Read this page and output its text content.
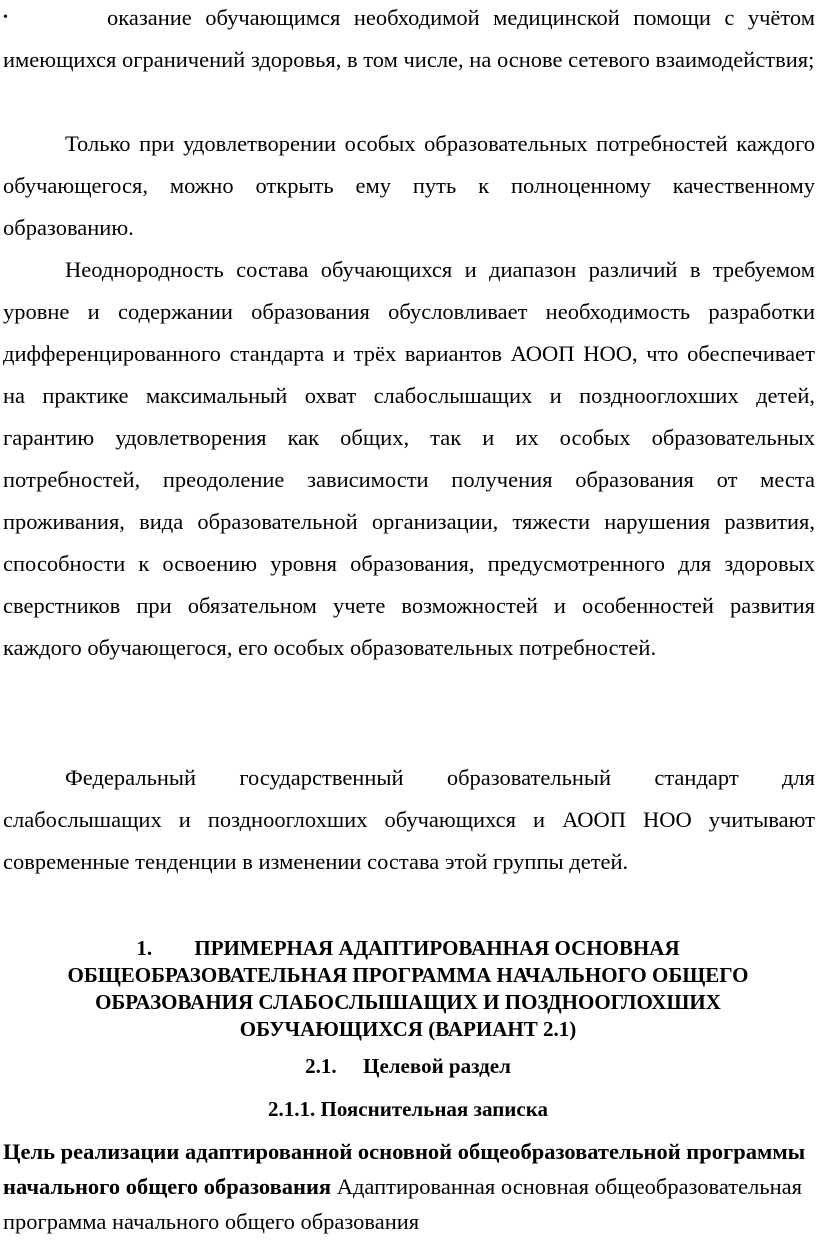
•	оказание обучающимся необходимой медицинской помощи с учётом имеющихся ограничений здоровья, в том числе, на основе сетевого взаимодействия;

Только при удовлетворении особых образовательных потребностей каждого обучающегося, можно открыть ему путь к полноценному качественному образованию.

Неоднородность состава обучающихся и диапазон различий в требуемом уровне и содержании образования обусловливает необходимость разработки дифференцированного стандарта и трёх вариантов АООП НОО, что обеспечивает на практике максимальный охват слабослышащих и позднооглохших детей, гарантию удовлетворения как общих, так и их особых образовательных потребностей, преодоление зависимости получения образования от места проживания, вида образовательной организации, тяжести нарушения развития, способности к освоению уровня образования, предусмотренного для здоровых сверстников при обязательном учете возможностей и особенностей развития каждого обучающегося, его особых образовательных потребностей.

Федеральный государственный образовательный стандарт для слабослышащих и позднооглохших обучающихся и АООП НОО учитывают современные тенденции в изменении состава этой группы детей.

1. ПРИМЕРНАЯ АДАПТИРОВАННАЯ ОСНОВНАЯ
ОБЩЕОБРАЗОВАТЕЛЬНАЯ ПРОГРАММА НАЧАЛЬНОГО ОБЩЕГО
ОБРАЗОВАНИЯ СЛАБОСЛЫШАЩИХ И ПОЗДНООГЛОХШИХ
ОБУЧАЮЩИХСЯ (ВАРИАНТ 2.1)
2.1. Целевой раздел
2.1.1. Пояснительная записка

Цель реализации адаптированной основной общеобразовательной программы начального общего образования Адаптированная основная общеобразовательная программа начального общего образования
